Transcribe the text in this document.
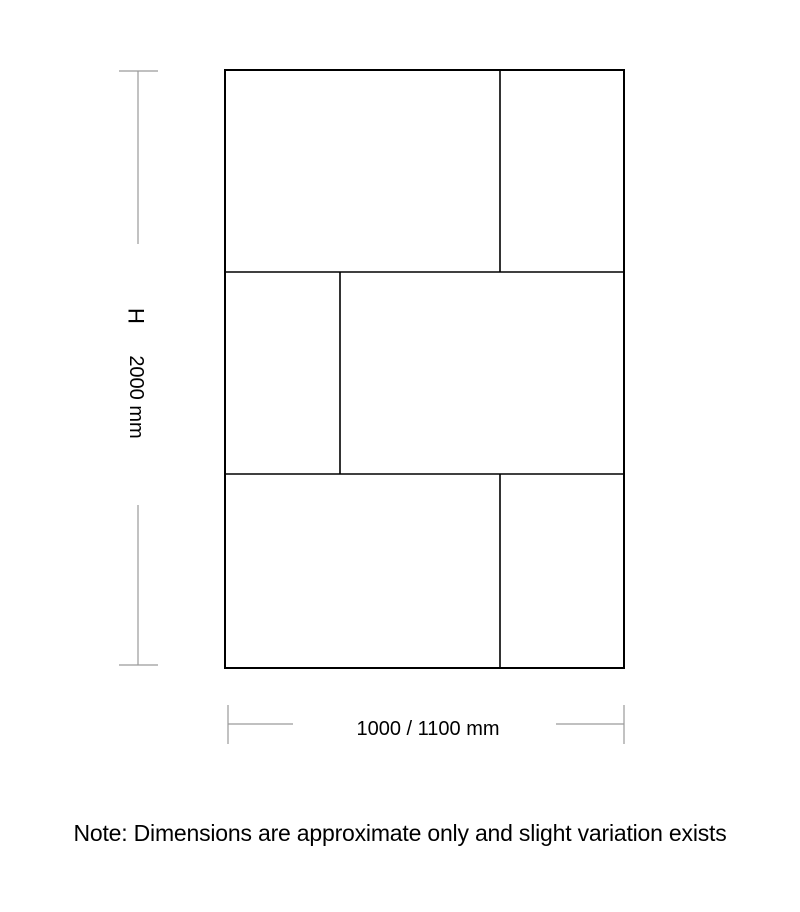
H
2000 mm
1000 / 1100 mm
Note: Dimensions are approximate only and slight variation exists
